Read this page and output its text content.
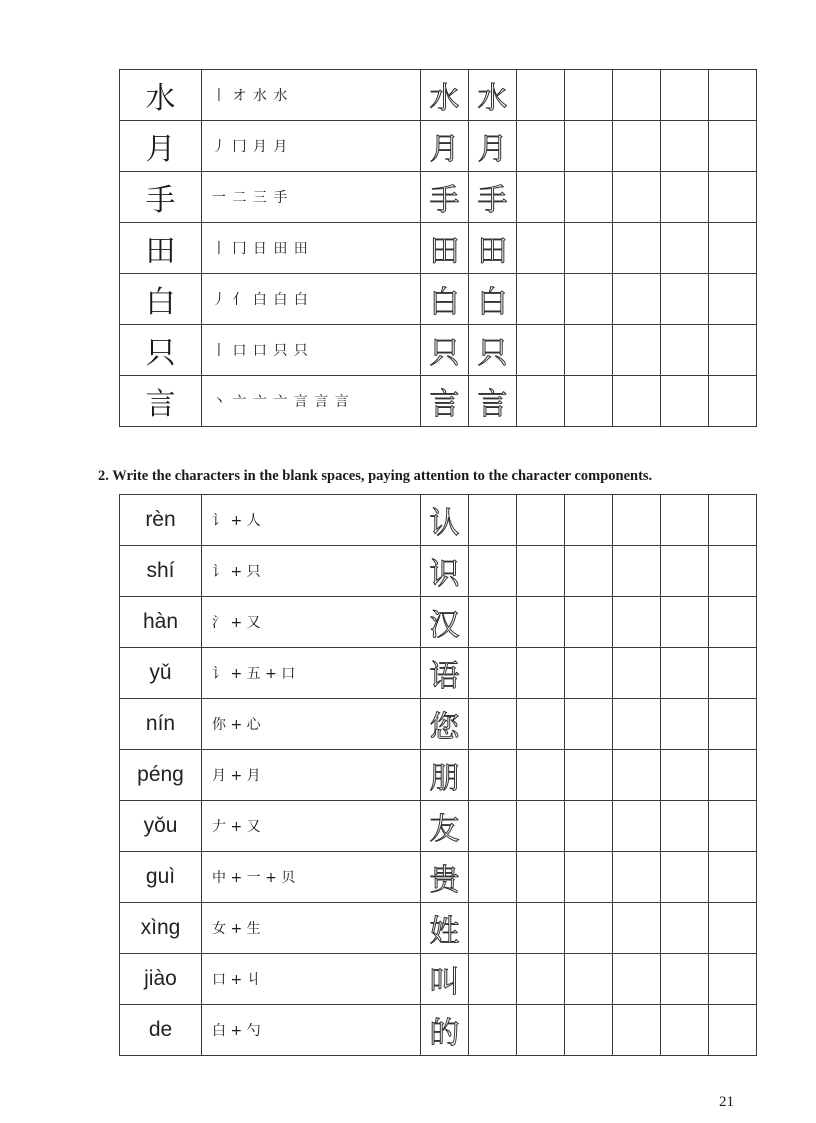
水	丨 オ 水 水	水	水					
月	丿 冂 月 月	月	月					
手	一 二 三 手	手	手					
田	丨 冂 日 田 田	田	田					
白	丿 亻 白 白 白	白	白					
只	丨 口 口 只 只	只	只					
言	丶 亠 亠 亠 言 言 言	言	言					
2. Write the characters in the blank spaces, paying attention to the character components.
rèn	讠 + 人	认						
shí	讠 + 只	识						
hàn	氵 + 又	汉						
yǔ	讠 + 五 + 口	语						
nín	你 + 心	您						
péng	月 + 月	朋						
yǒu	𠂇 + 又	友						
guì	中 + 一 + 贝	贵						
xìng	女 + 生	姓						
jiào	口 + 丩	叫						
de	白 + 勺	的						
21
